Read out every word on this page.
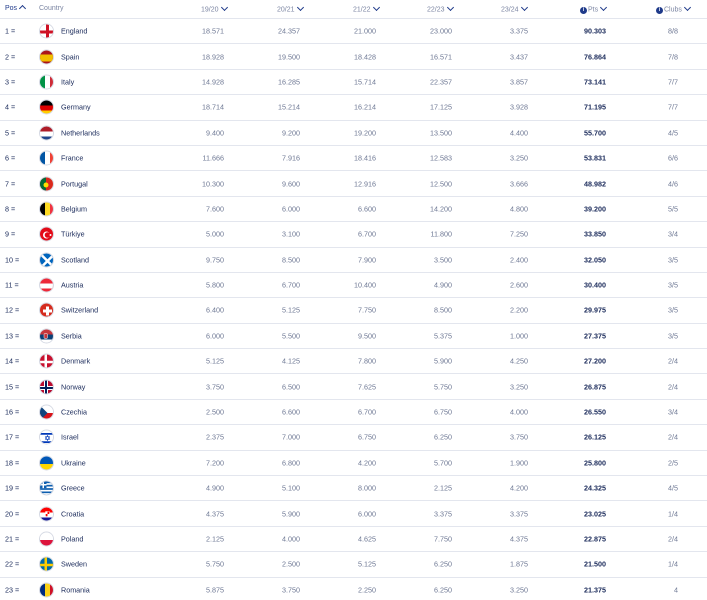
Pos	Country	19/20	20/21	21/22	22/23	23/24	i Pts	i Clubs
1 =	England	18.571	24.357	21.000	23.000	3.375	90.303	8/8
2 =	Spain	18.928	19.500	18.428	16.571	3.437	76.864	7/8
3 =	Italy	14.928	16.285	15.714	22.357	3.857	73.141	7/7
4 =	Germany	18.714	15.214	16.214	17.125	3.928	71.195	7/7
5 =	Netherlands	9.400	9.200	19.200	13.500	4.400	55.700	4/5
6 =	France	11.666	7.916	18.416	12.583	3.250	53.831	6/6
7 =	Portugal	10.300	9.600	12.916	12.500	3.666	48.982	4/6
8 =	Belgium	7.600	6.000	6.600	14.200	4.800	39.200	5/5
9 =	Türkiye	5.000	3.100	6.700	11.800	7.250	33.850	3/4
10 =	Scotland	9.750	8.500	7.900	3.500	2.400	32.050	3/5
11 =	Austria	5.800	6.700	10.400	4.900	2.600	30.400	3/5
12 =	Switzerland	6.400	5.125	7.750	8.500	2.200	29.975	3/5
13 =	Serbia	6.000	5.500	9.500	5.375	1.000	27.375	3/5
14 =	Denmark	5.125	4.125	7.800	5.900	4.250	27.200	2/4
15 =	Norway	3.750	6.500	7.625	5.750	3.250	26.875	2/4
16 =	Czechia	2.500	6.600	6.700	6.750	4.000	26.550	3/4
17 =	Israel	2.375	7.000	6.750	6.250	3.750	26.125	2/4
18 =	Ukraine	7.200	6.800	4.200	5.700	1.900	25.800	2/5
19 =	Greece	4.900	5.100	8.000	2.125	4.200	24.325	4/5
20 =	Croatia	4.375	5.900	6.000	3.375	3.375	23.025	1/4
21 =	Poland	2.125	4.000	4.625	7.750	4.375	22.875	2/4
22 =	Sweden	5.750	2.500	5.125	6.250	1.875	21.500	1/4
23 =	Romania	5.875	3.750	2.250	6.250	3.250	21.375	4
